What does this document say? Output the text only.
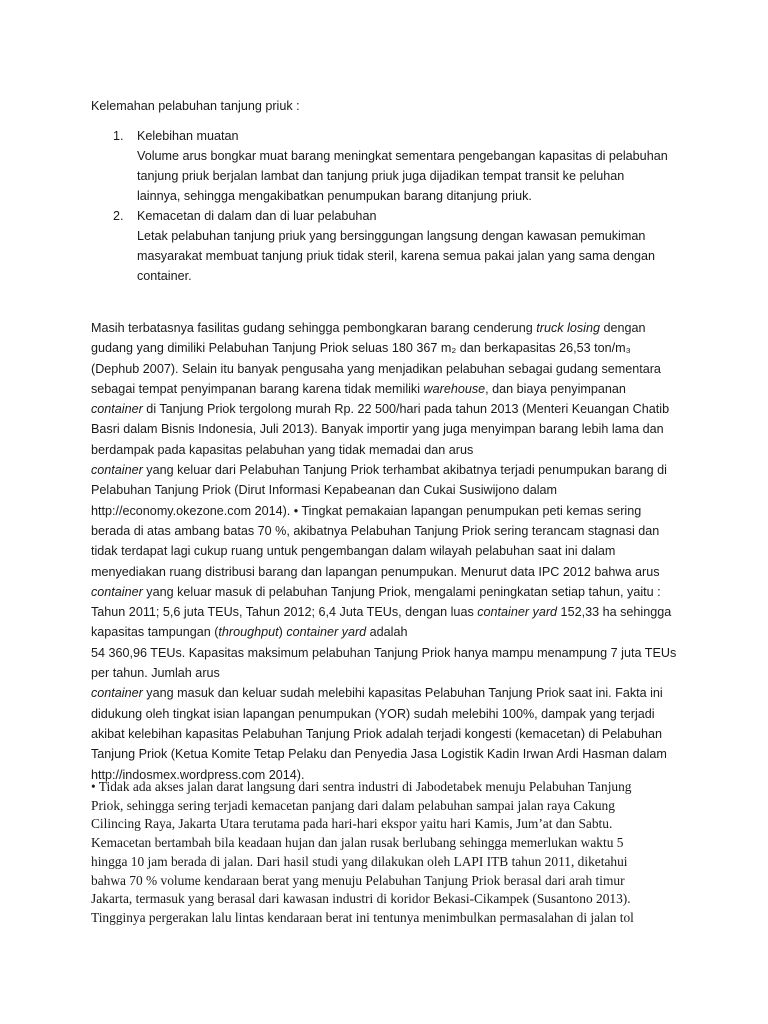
Kelemahan pelabuhan tanjung priuk :
1.	Kelebihan muatan
Volume arus bongkar muat barang meningkat sementara pengebangan kapasitas di pelabuhan
tanjung priuk berjalan lambat dan tanjung priuk juga dijadikan tempat transit ke peluhan
lainnya, sehingga mengakibatkan penumpukan barang ditanjung priuk.
2.	Kemacetan di dalam dan di luar pelabuhan
Letak pelabuhan tanjung priuk yang bersinggungan langsung dengan kawasan pemukiman
masyarakat membuat tanjung priuk tidak steril, karena semua pakai jalan yang sama dengan
container.
Masih terbatasnya fasilitas gudang sehingga pembongkaran barang cenderung truck losing dengan
gudang yang dimiliki Pelabuhan Tanjung Priok seluas 180 367 m₂ dan berkapasitas 26,53 ton/m₃
(Dephub 2007). Selain itu banyak pengusaha yang menjadikan pelabuhan sebagai gudang sementara
sebagai tempat penyimpanan barang karena tidak memiliki warehouse, dan biaya penyimpanan
container di Tanjung Priok tergolong murah Rp. 22 500/hari pada tahun 2013 (Menteri Keuangan Chatib
Basri dalam Bisnis Indonesia, Juli 2013). Banyak importir yang juga menyimpan barang lebih lama dan
berdampak pada kapasitas pelabuhan yang tidak memadai dan arus
container yang keluar dari Pelabuhan Tanjung Priok terhambat akibatnya terjadi penumpukan barang di
Pelabuhan Tanjung Priok (Dirut Informasi Kepabeanan dan Cukai Susiwijono dalam
http://economy.okezone.com 2014). • Tingkat pemakaian lapangan penumpukan peti kemas sering
berada di atas ambang batas 70 %, akibatnya Pelabuhan Tanjung Priok sering terancam stagnasi dan
tidak terdapat lagi cukup ruang untuk pengembangan dalam wilayah pelabuhan saat ini dalam
menyediakan ruang distribusi barang dan lapangan penumpukan. Menurut data IPC 2012 bahwa arus
container yang keluar masuk di pelabuhan Tanjung Priok, mengalami peningkatan setiap tahun, yaitu :
Tahun 2011; 5,6 juta TEUs, Tahun 2012; 6,4 Juta TEUs, dengan luas container yard 152,33 ha sehingga
kapasitas tampungan (throughput) container yard adalah
54 360,96 TEUs. Kapasitas maksimum pelabuhan Tanjung Priok hanya mampu menampung 7 juta TEUs
per tahun. Jumlah arus
container yang masuk dan keluar sudah melebihi kapasitas Pelabuhan Tanjung Priok saat ini. Fakta ini
didukung oleh tingkat isian lapangan penumpukan (YOR) sudah melebihi 100%, dampak yang terjadi
akibat kelebihan kapasitas Pelabuhan Tanjung Priok adalah terjadi kongesti (kemacetan) di Pelabuhan
Tanjung Priok (Ketua Komite Tetap Pelaku dan Penyedia Jasa Logistik Kadin Irwan Ardi Hasman dalam
http://indosmex.wordpress.com 2014).
• Tidak ada akses jalan darat langsung dari sentra industri di Jabodetabek menuju Pelabuhan Tanjung
Priok, sehingga sering terjadi kemacetan panjang dari dalam pelabuhan sampai jalan raya Cakung
Cilincing Raya, Jakarta Utara terutama pada hari-hari ekspor yaitu hari Kamis, Jum’at dan Sabtu.
Kemacetan bertambah bila keadaan hujan dan jalan rusak berlubang sehingga memerlukan waktu 5
hingga 10 jam berada di jalan. Dari hasil studi yang dilakukan oleh LAPI ITB tahun 2011, diketahui
bahwa 70 % volume kendaraan berat yang menuju Pelabuhan Tanjung Priok berasal dari arah timur
Jakarta, termasuk yang berasal dari kawasan industri di koridor Bekasi-Cikampek (Susantono 2013).
Tingginya pergerakan lalu lintas kendaraan berat ini tentunya menimbulkan permasalahan di jalan tol
